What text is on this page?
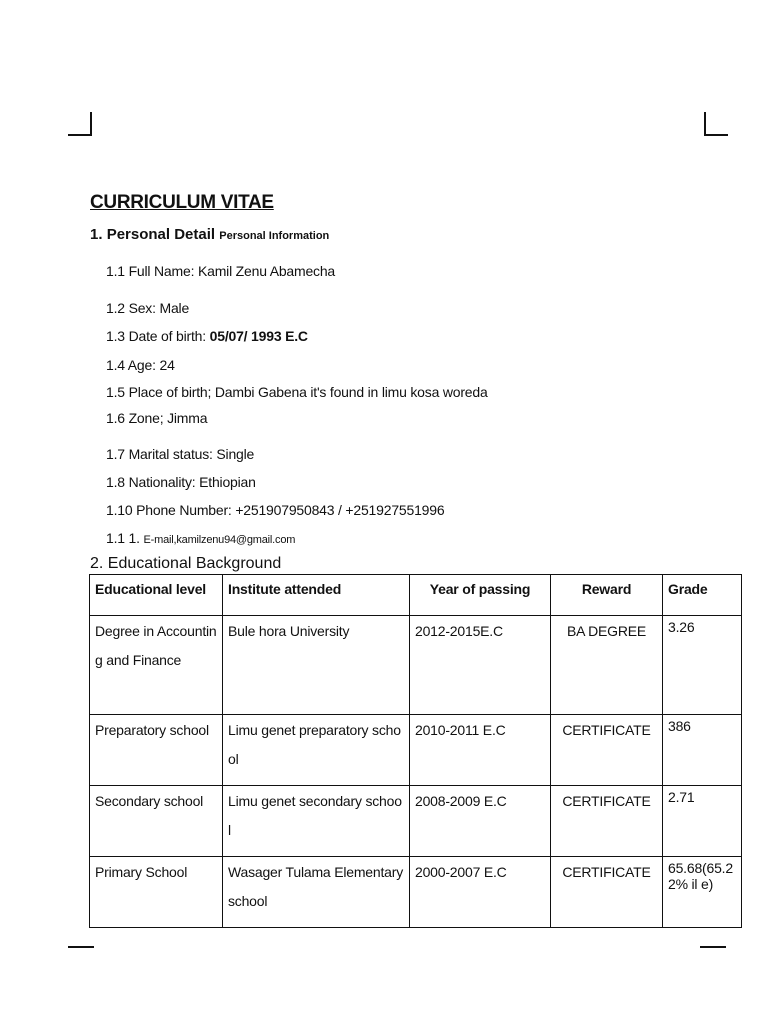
CURRICULUM VITAE
1. Personal Detail Personal Information
1.1 Full Name: Kamil Zenu Abamecha
1.2 Sex: Male
1.3 Date of birth: 05/07/ 1993 E.C
1.4 Age: 24
1.5 Place of birth; Dambi Gabena it's found in limu kosa woreda
1.6 Zone; Jimma
1.7 Marital status: Single
1.8 Nationality: Ethiopian
1.10 Phone Number: +251907950843 / +251927551996
1.1 1. E-mail,kamilzenu94@gmail.com
2. Educational Background
Educational level	Institute attended	Year of passing	Reward	Grade
Degree in Accounting and Finance	Bule hora University	2012-2015E.C	BA DEGREE	3.26
Preparatory school	Limu genet preparatory school	2010-2011 E.C	CERTIFICATE	386
Secondary school	Limu genet secondary school	2008-2009 E.C	CERTIFICATE	2.71
Primary School	Wasager Tulama Elementary school	2000-2007 E.C	CERTIFICATE	65.68(65.22% il e)
